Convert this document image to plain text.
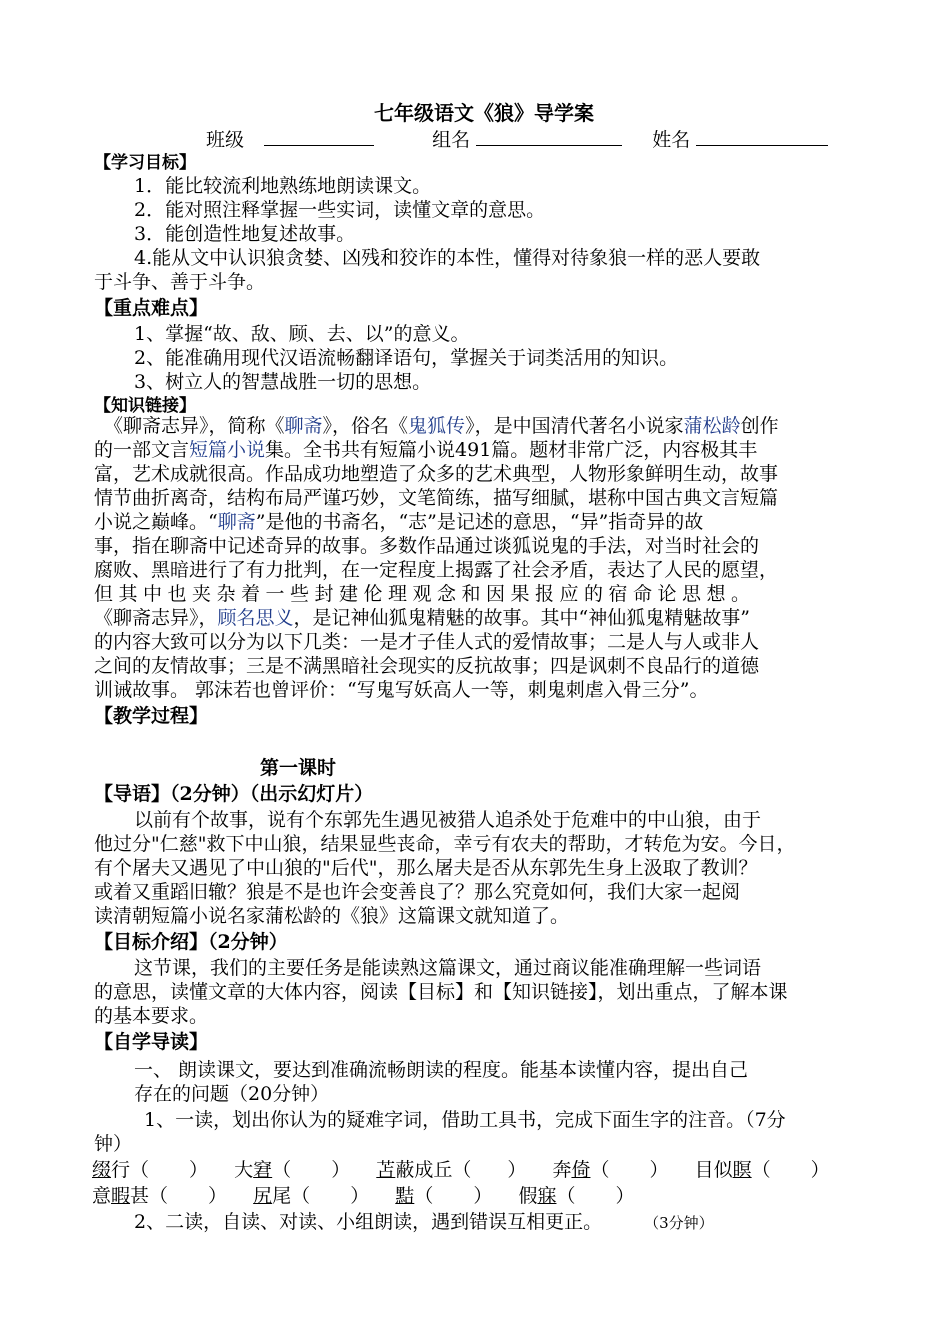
七年级语文《狼》导学案
班级	组名	姓名
【学习目标】
1．能比较流利地熟练地朗读课文。
2．能对照注释掌握一些实词，读懂文章的意思。
3．能创造性地复述故事。
4.能从文中认识狼贪婪、凶残和狡诈的本性，懂得对待象狼一样的恶人要敢
于斗争、善于斗争。
【重点难点】
1、掌握“故、敌、顾、去、以”的意义。
2、能准确用现代汉语流畅翻译语句，掌握关于词类活用的知识。
3、树立人的智慧战胜一切的思想。
【知识链接】
《聊斋志异》，简称《聊斋》，俗名《鬼狐传》，是中国清代著名小说家蒲松龄创作
的一部文言短篇小说集。全书共有短篇小说491篇。题材非常广泛，内容极其丰
富，艺术成就很高。作品成功地塑造了众多的艺术典型，人物形象鲜明生动，故事
情节曲折离奇，结构布局严谨巧妙，文笔简练，描写细腻，堪称中国古典文言短篇
小说之巅峰。“聊斋”是他的书斋名，“志”是记述的意思，“异”指奇异的故
事，指在聊斋中记述奇异的故事。多数作品通过谈狐说鬼的手法，对当时社会的
腐败、黑暗进行了有力批判，在一定程度上揭露了社会矛盾，表达了人民的愿望，
但其中也夹杂着一些封建伦理观念和因果报应的宿命论思想。
《聊斋志异》，顾名思义，是记神仙狐鬼精魅的故事。其中“神仙狐鬼精魅故事”
的内容大致可以分为以下几类：一是才子佳人式的爱情故事；二是人与人或非人
之间的友情故事；三是不满黑暗社会现实的反抗故事；四是讽刺不良品行的道德
训诫故事。 郭沫若也曾评价：“写鬼写妖高人一等，刺鬼刺虐入骨三分”。
【教学过程】
第一课时
【导语】（2分钟）（出示幻灯片）
以前有个故事，说有个东郭先生遇见被猎人追杀处于危难中的中山狼，由于
他过分"仁慈"救下中山狼，结果显些丧命，幸亏有农夫的帮助，才转危为安。今日，
有个屠夫又遇见了中山狼的"后代"，那么屠夫是否从东郭先生身上汲取了教训？
或着又重蹈旧辙？狼是不是也许会变善良了？那么究竟如何，我们大家一起阅
读清朝短篇小说名家蒲松龄的《狼》这篇课文就知道了。
【目标介绍】（2分钟）
这节课，我们的主要任务是能读熟这篇课文，通过商议能准确理解一些词语
的意思，读懂文章的大体内容，阅读【目标】和【知识链接】，划出重点，了解本课
的基本要求。
【自学导读】
一、 朗读课文，要达到准确流畅朗读的程度。能基本读懂内容，提出自己
存在的问题（20分钟）
1、一读，划出你认为的疑难字词，借助工具书，完成下面生字的注音。（7分
钟）
缀行（ ） 大窘（ ） 苫蔽成丘（ ） 奔倚（ ） 目似瞑（ ）
意暇甚（ ） 尻尾（ ） 黠（ ） 假寐（ ）
2、二读，自读、对读、小组朗读，遇到错误互相更正。	（3分钟）
